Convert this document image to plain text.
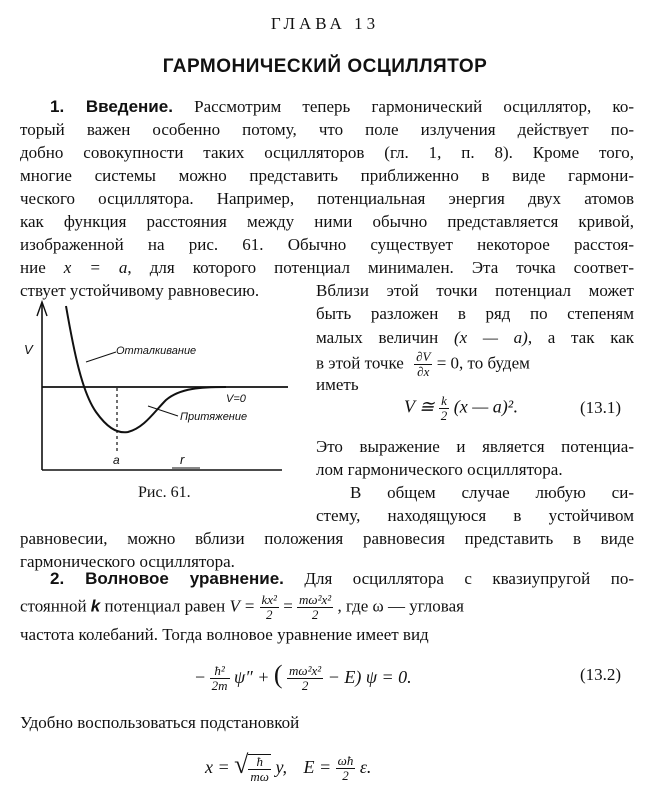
ГЛАВА 13
ГАРМОНИЧЕСКИЙ ОСЦИЛЛЯТОР
1. Введение. Рассмотрим теперь гармонический осциллятор, ко-
торый важен особенно потому, что поле излучения действует по-
добно совокупности таких осцилляторов (гл. 1, п. 8). Кроме того,
многие системы можно представить приближенно в виде гармони-
ческого осциллятора. Например, потенциальная энергия двух атомов
как функция расстояния между ними обычно представляется кривой,
изображенной на рис. 61. Обычно существует некоторое расстоя-
ние x = a, для которого потенциал минимален. Эта точка соответ-
ствует устойчивому равновесию.	Вблизи этой точки потенциал может
быть разложен в ряд по степеням
малых величин (x — a), а так как
в этой точке $\frac{\partial V}{\partial x} = 0$, то будем
иметь
V ≅ $\frac{k}{2} (x$ — a)².	(13.1)
Это выражение и является потенциа-
лом гармонического осциллятора.
В общем случае любую си-
стему, находящуюся в устойчивом
равновесии, можно вблизи положения равновесия представить в виде
гармонического осциллятора.
V	Отталкивание
V=0
Притяжение
a	r
Рис. 61.
2. Волновое уравнение. Для осциллятора с квазиупругой по-
стоянной k потенциал равен $V = \frac{\text{kx²}}{2} = \frac{\text{mω²x²}}{2}$ , где ω — угловая
частота колебаний. Тогда волновое уравнение имеет вид
− $\frac{\text{ħ²}}{2m} \psi''$ + ( $\frac{\text{mω²x²}}{2} - E$) ψ = 0.	(13.2)
Удобно воспользоваться подстановкой
x = √ $\frac{ħ}{m\omega} y$, $E = \frac{\omega ħ}{2} \varepsilon$.
